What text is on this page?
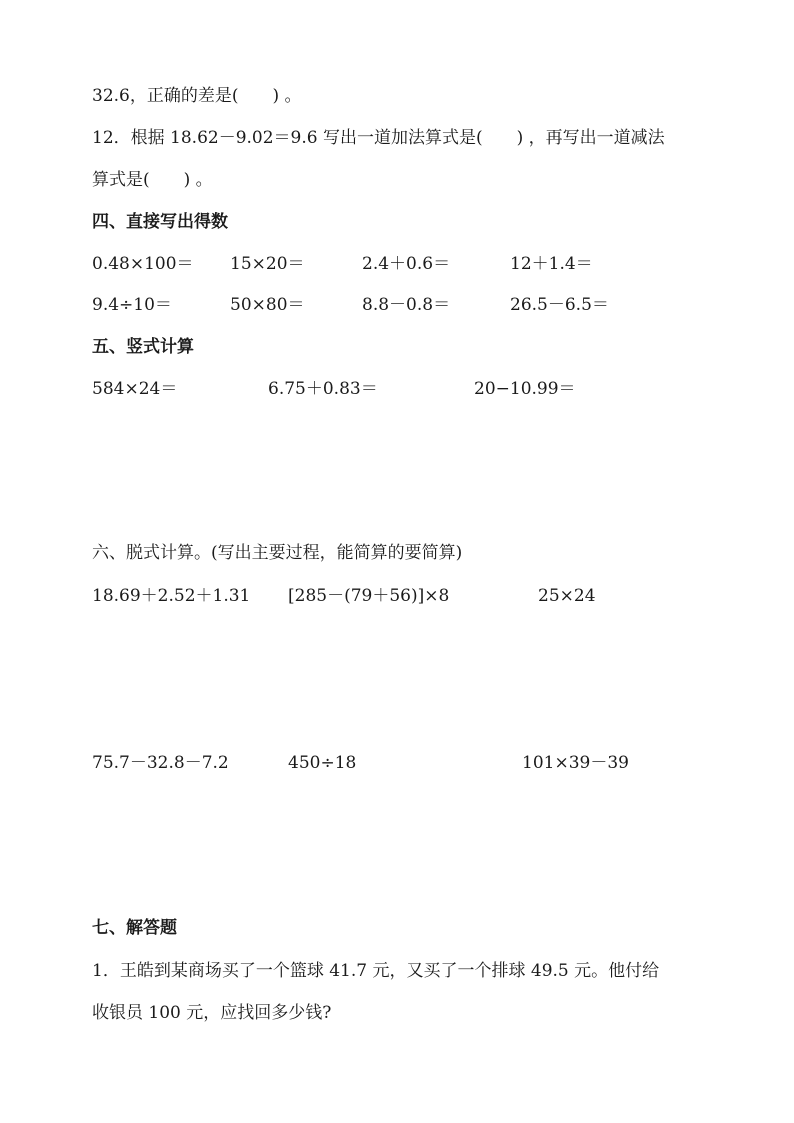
32.6，正确的差是(　　) 。
12．根据 18.62－9.02＝9.6 写出一道加法算式是(　　) ，再写出一道减法
算式是(　　) 。
四、直接写出得数
0.48×100＝ 15×20＝	2.4＋0.6＝	12＋1.4＝
9.4÷10＝	50×80＝	8.8－0.8＝	26.5－6.5＝
五、竖式计算
584×24＝	6.75＋0.83＝	20−10.99＝
六、脱式计算。(写出主要过程，能简算的要简算)
18.69＋2.52＋1.31 [285－(79＋56)]×8	25×24
75.7－32.8－7.2	450÷18	101×39－39
七、解答题
1．王皓到某商场买了一个篮球 41.7 元，又买了一个排球 49.5 元。他付给
收银员 100 元，应找回多少钱?
